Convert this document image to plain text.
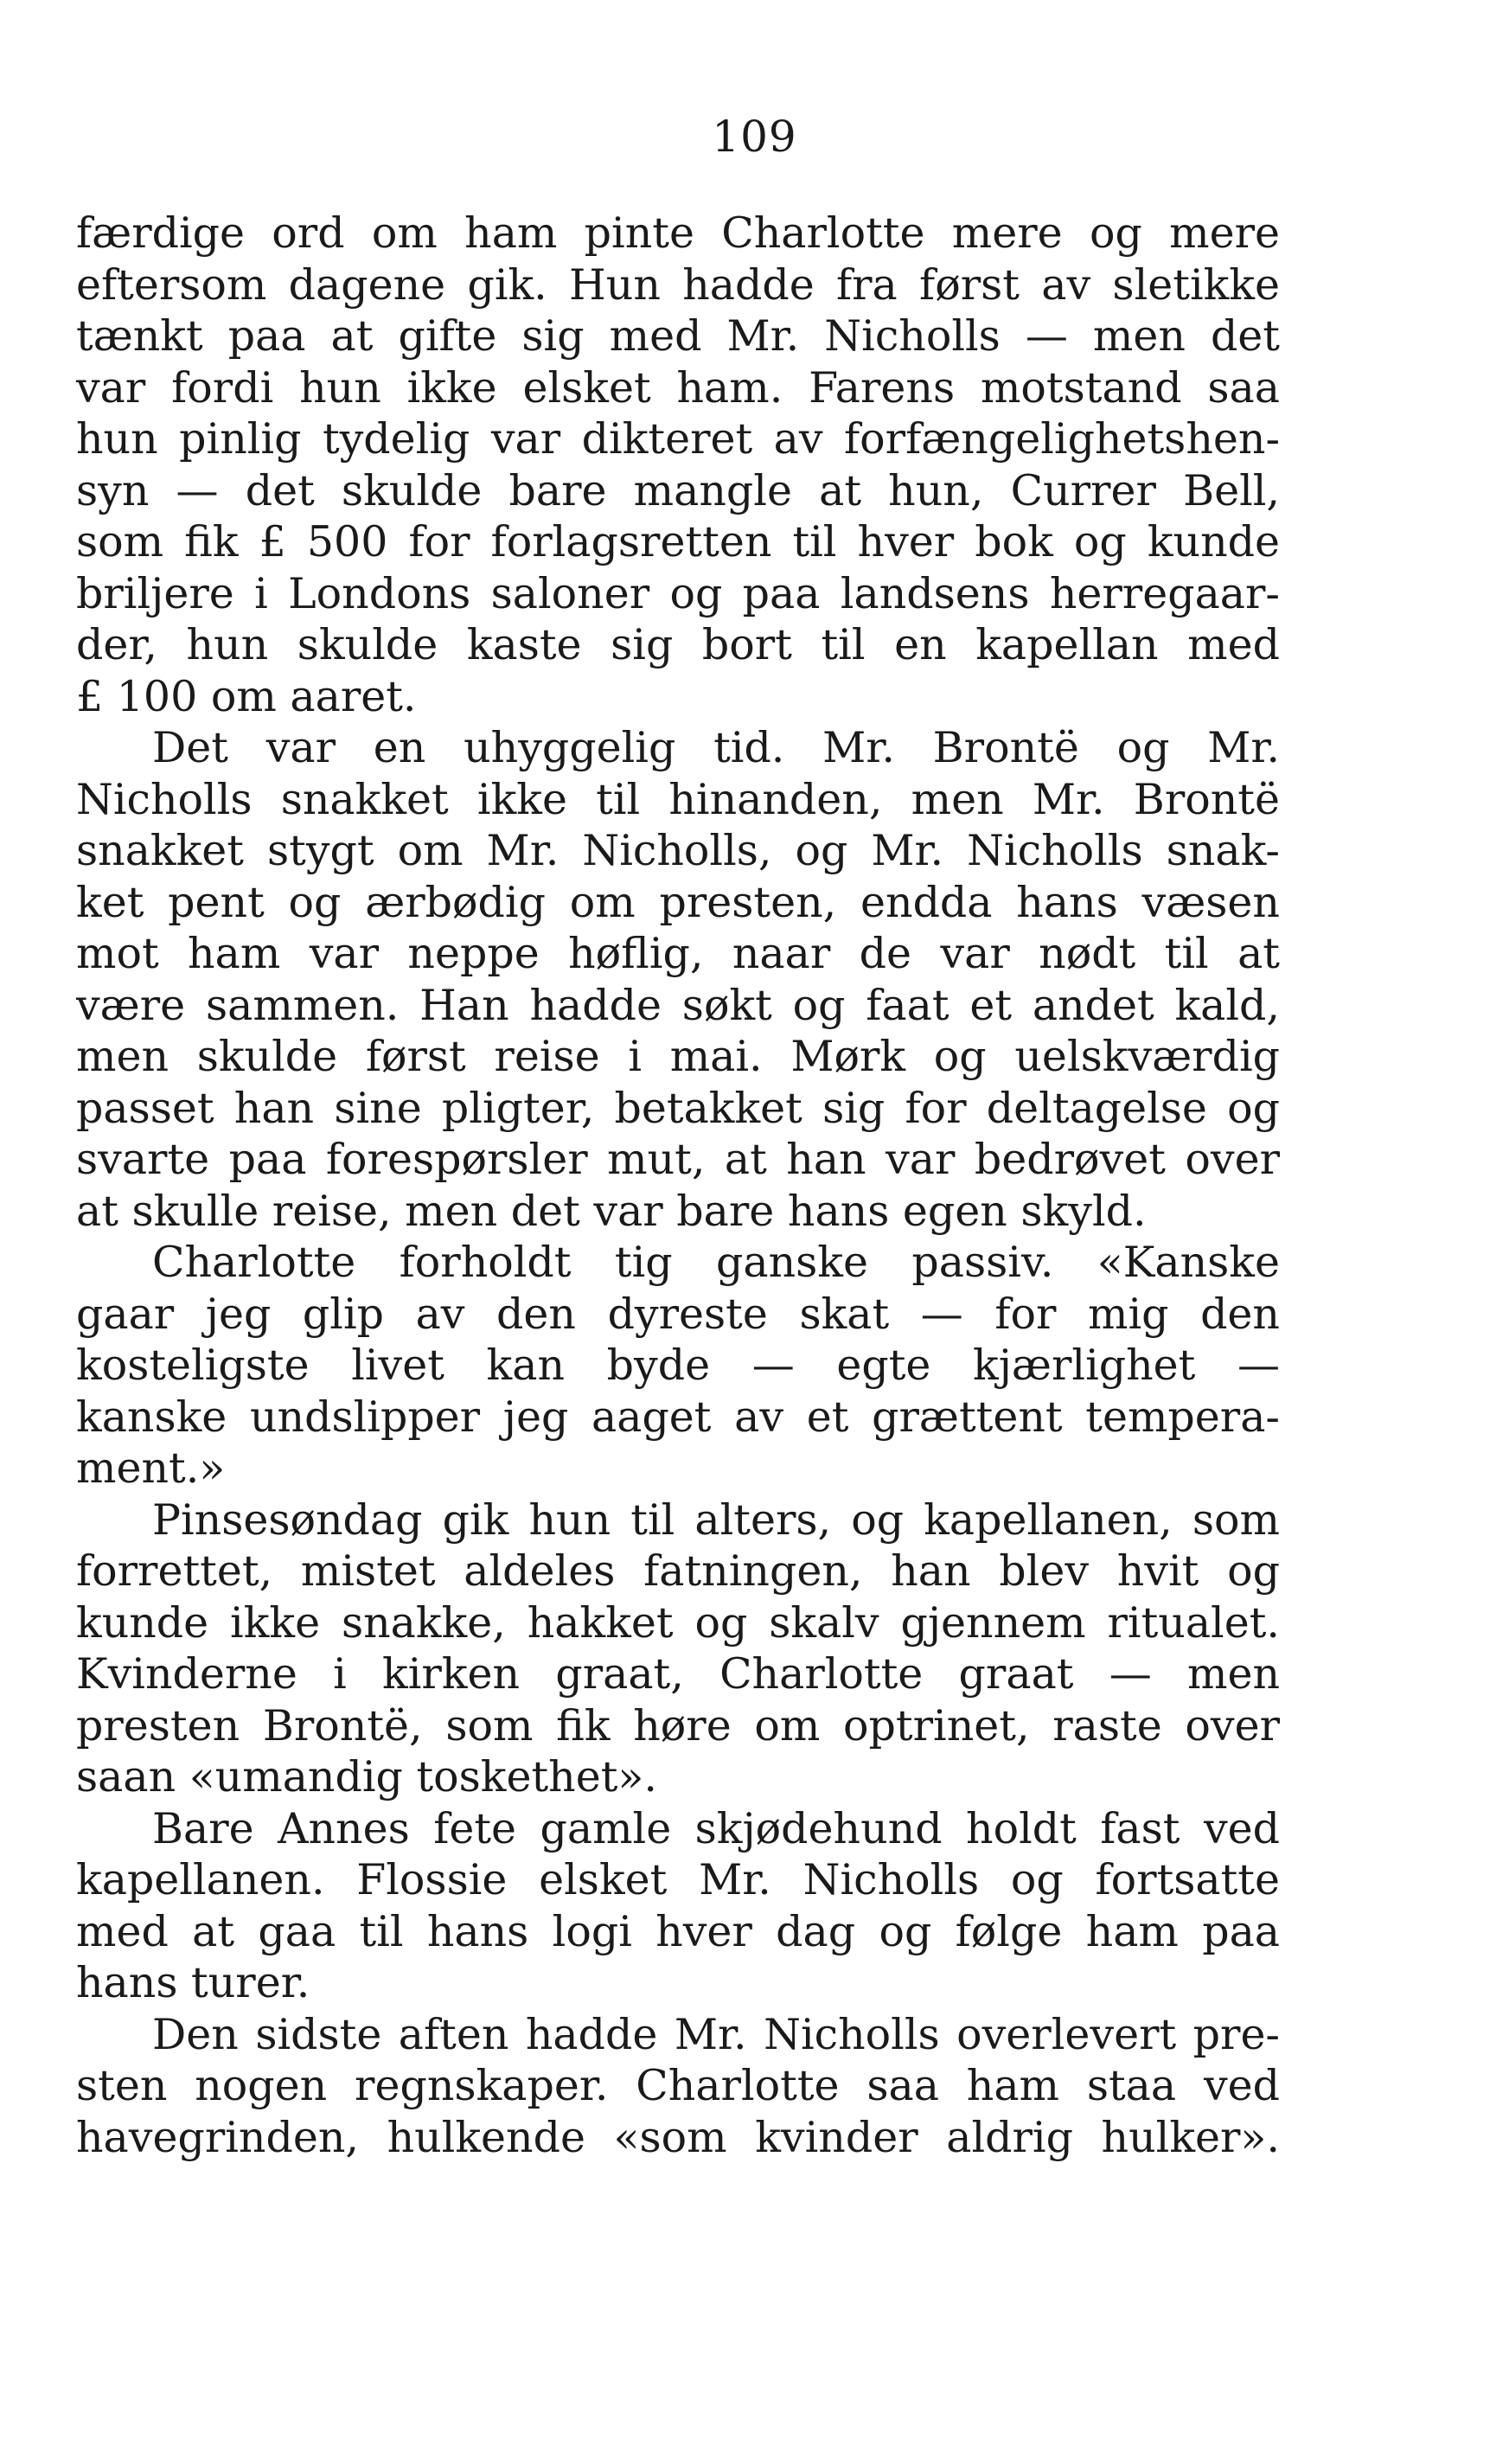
109
færdige ord om ham pinte Charlotte mere og mere
eftersom dagene gik. Hun hadde fra først av sletikke
tænkt paa at gifte sig med Mr. Nicholls — men det
var fordi hun ikke elsket ham. Farens motstand saa
hun pinlig tydelig var dikteret av forfængelighetshen-
syn — det skulde bare mangle at hun, Currer Bell,
som fik £ 500 for forlagsretten til hver bok og kunde
briljere i Londons saloner og paa landsens herregaar-
der, hun skulde kaste sig bort til en kapellan med
£ 100 om aaret.
Det var en uhyggelig tid. Mr. Brontë og Mr.
Nicholls snakket ikke til hinanden, men Mr. Brontë
snakket stygt om Mr. Nicholls, og Mr. Nicholls snak-
ket pent og ærbødig om presten, endda hans væsen
mot ham var neppe høflig, naar de var nødt til at
være sammen. Han hadde søkt og faat et andet kald,
men skulde først reise i mai. Mørk og uelskværdig
passet han sine pligter, betakket sig for deltagelse og
svarte paa forespørsler mut, at han var bedrøvet over
at skulle reise, men det var bare hans egen skyld.
Charlotte forholdt tig ganske passiv. «Kanske
gaar jeg glip av den dyreste skat — for mig den
kosteligste livet kan byde — egte kjærlighet —
kanske undslipper jeg aaget av et grættent tempera-
ment.»
Pinsesøndag gik hun til alters, og kapellanen, som
forrettet, mistet aldeles fatningen, han blev hvit og
kunde ikke snakke, hakket og skalv gjennem ritualet.
Kvinderne i kirken graat, Charlotte graat — men
presten Brontë, som fik høre om optrinet, raste over
saan «umandig toskethet».
Bare Annes fete gamle skjødehund holdt fast ved
kapellanen. Flossie elsket Mr. Nicholls og fortsatte
med at gaa til hans logi hver dag og følge ham paa
hans turer.
Den sidste aften hadde Mr. Nicholls overlevert pre-
sten nogen regnskaper. Charlotte saa ham staa ved
havegrinden, hulkende «som kvinder aldrig hulker».
